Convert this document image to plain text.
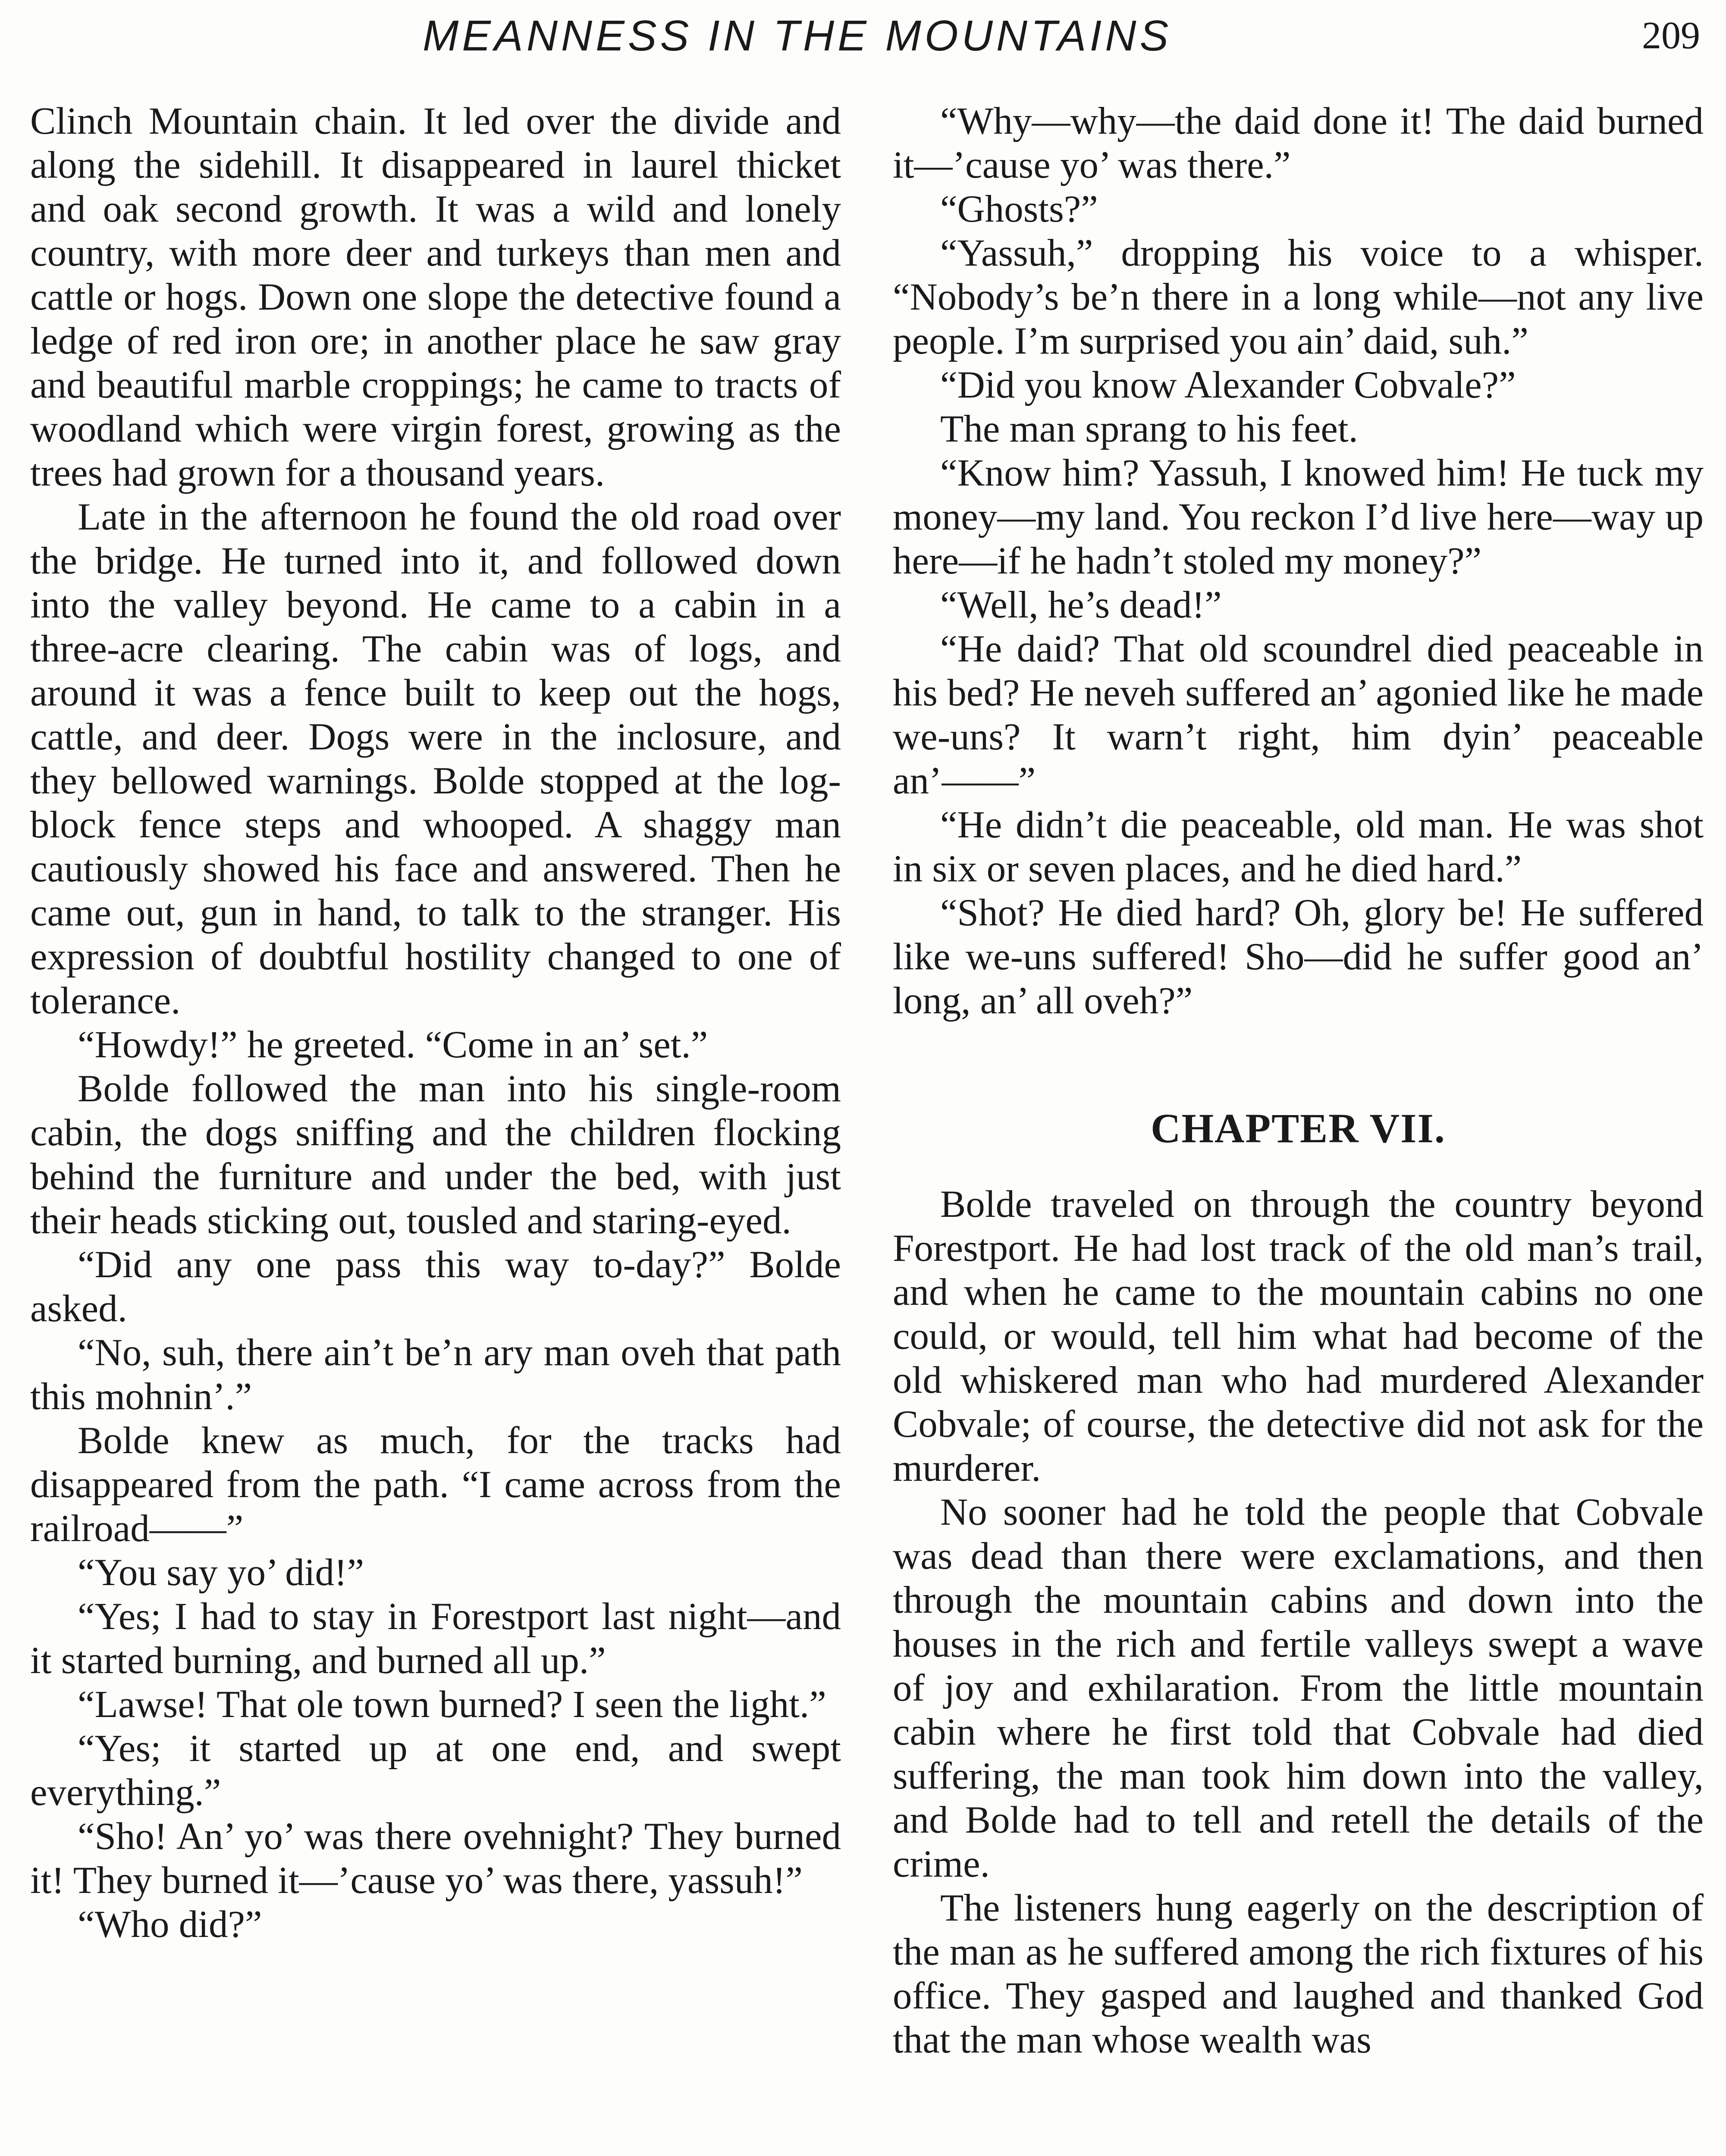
MEANNESS IN THE MOUNTAINS	209

Clinch Mountain chain. It led over the divide and along the sidehill. It disappeared in laurel thicket and oak second growth. It was a wild and lonely country, with more deer and turkeys than men and cattle or hogs. Down one slope the detective found a ledge of red iron ore; in another place he saw gray and beautiful marble croppings; he came to tracts of woodland which were virgin forest, growing as the trees had grown for a thousand years.

Late in the afternoon he found the old road over the bridge. He turned into it, and followed down into the valley beyond. He came to a cabin in a three-acre clearing. The cabin was of logs, and around it was a fence built to keep out the hogs, cattle, and deer. Dogs were in the inclosure, and they bellowed warnings. Bolde stopped at the log-block fence steps and whooped. A shaggy man cautiously showed his face and answered. Then he came out, gun in hand, to talk to the stranger. His expression of doubtful hostility changed to one of tolerance.

“Howdy!” he greeted. “Come in an’ set.”

Bolde followed the man into his single-room cabin, the dogs sniffing and the children flocking behind the furniture and under the bed, with just their heads sticking out, tousled and staring-eyed.

“Did any one pass this way to-day?” Bolde asked.

“No, suh, there ain’t be’n ary man oveh that path this mohnin’.”

Bolde knew as much, for the tracks had disappeared from the path. “I came across from the railroad——”

“You say yo’ did!”

“Yes; I had to stay in Forestport last night—and it started burning, and burned all up.”

“Lawse! That ole town burned? I seen the light.”

“Yes; it started up at one end, and swept everything.”

“Sho! An’ yo’ was there ovehnight? They burned it! They burned it—’cause yo’ was there, yassuh!”

“Who did?”

“Why—why—the daid done it! The daid burned it—’cause yo’ was there.”

“Ghosts?”

“Yassuh,” dropping his voice to a whisper. “Nobody’s be’n there in a long while—not any live people. I’m surprised you ain’ daid, suh.”

“Did you know Alexander Cobvale?”

The man sprang to his feet.

“Know him? Yassuh, I knowed him! He tuck my money—my land. You reckon I’d live here—way up here—if he hadn’t stoled my money?”

“Well, he’s dead!”

“He daid? That old scoundrel died peaceable in his bed? He neveh suffered an’ agonied like he made we-uns? It warn’t right, him dyin’ peaceable an’——”

“He didn’t die peaceable, old man. He was shot in six or seven places, and he died hard.”

“Shot? He died hard? Oh, glory be! He suffered like we-uns suffered! Sho—did he suffer good an’ long, an’ all oveh?”

CHAPTER VII.

Bolde traveled on through the country beyond Forestport. He had lost track of the old man’s trail, and when he came to the mountain cabins no one could, or would, tell him what had become of the old whiskered man who had murdered Alexander Cobvale; of course, the detective did not ask for the murderer.

No sooner had he told the people that Cobvale was dead than there were exclamations, and then through the mountain cabins and down into the houses in the rich and fertile valleys swept a wave of joy and exhilaration. From the little mountain cabin where he first told that Cobvale had died suffering, the man took him down into the valley, and Bolde had to tell and retell the details of the crime.

The listeners hung eagerly on the description of the man as he suffered among the rich fixtures of his office. They gasped and laughed and thanked God that the man whose wealth was
